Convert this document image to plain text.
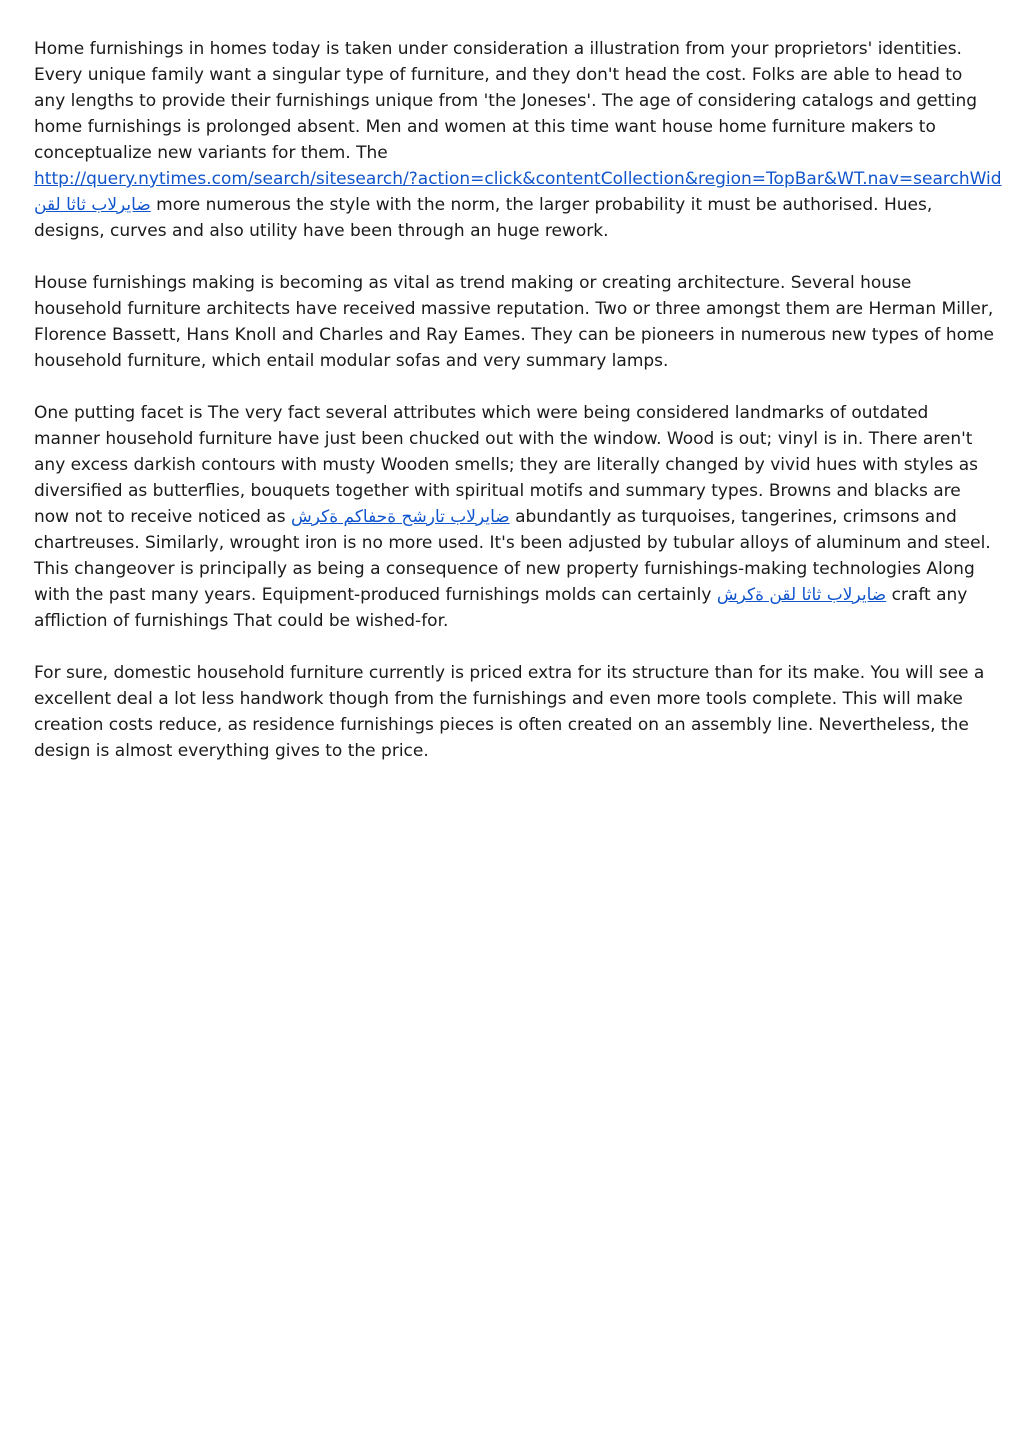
Home furnishings in homes today is taken under consideration a illustration from your proprietors' identities. Every unique family want a singular type of furniture, and they don't head the cost. Folks are able to head to any lengths to provide their furnishings unique from 'the Joneses'. The age of considering catalogs and getting home furnishings is prolonged absent. Men and women at this time want house home furniture makers to conceptualize new variants for them. The
http://query.nytimes.com/search/sitesearch/?action=click&contentCollection&region=TopBar&WT.nav=searchWid
ضايرلاب ثاثا لقن more numerous the style with the norm, the larger probability it must be authorised. Hues, designs, curves and also utility have been through an huge rework.

House furnishings making is becoming as vital as trend making or creating architecture. Several house household furniture architects have received massive reputation. Two or three amongst them are Herman Miller, Florence Bassett, Hans Knoll and Charles and Ray Eames. They can be pioneers in numerous new types of home household furniture, which entail modular sofas and very summary lamps.

One putting facet is The very fact several attributes which were being considered landmarks of outdated manner household furniture have just been chucked out with the window. Wood is out; vinyl is in. There aren't any excess darkish contours with musty Wooden smells; they are literally changed by vivid hues with styles as diversified as butterflies, bouquets together with spiritual motifs and summary types. Browns and blacks are now not to receive noticed as ضايرلاب تارشح ةحفاكم ةكرش abundantly as turquoises, tangerines, crimsons and chartreuses. Similarly, wrought iron is no more used. It's been adjusted by tubular alloys of aluminum and steel. This changeover is principally as being a consequence of new property furnishings-making technologies Along with the past many years. Equipment-produced furnishings molds can certainly ضايرلاب ثاثا لقن ةكرش craft any affliction of furnishings That could be wished-for.

For sure, domestic household furniture currently is priced extra for its structure than for its make. You will see a excellent deal a lot less handwork though from the furnishings and even more tools complete. This will make creation costs reduce, as residence furnishings pieces is often created on an assembly line. Nevertheless, the design is almost everything gives to the price.
